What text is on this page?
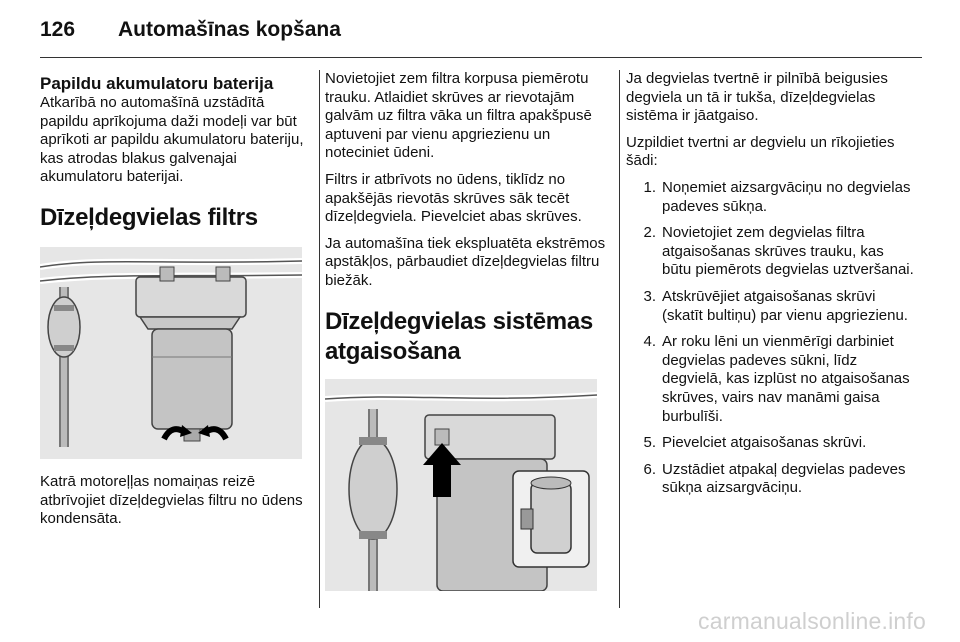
126	Automašīnas kopšana
Papildu akumulatoru baterija

Atkarībā no automašīnā uzstādītā papildu aprīkojuma daži modeļi var būt aprīkoti ar papildu akumulatoru bateriju, kas atrodas blakus galvenajai akumulatoru baterijai.

Dīzeļdegvielas filtrs

Katrā motoreļļas nomaiņas reizē atbrīvojiet dīzeļdegvielas filtru no ūdens kondensāta.

Novietojiet zem filtra korpusa piemērotu trauku. Atlaidiet skrūves ar rievotajām galvām uz filtra vāka un filtra apakšpusē aptuveni par vienu apgriezienu un noteciniet ūdeni.

Filtrs ir atbrīvots no ūdens, tiklīdz no apakšējās rievotās skrūves sāk tecēt dīzeļdegviela. Pievelciet abas skrūves.

Ja automašīna tiek ekspluatēta ekstrēmos apstākļos, pārbaudiet dīzeļdegvielas filtru biežāk.

Dīzeļdegvielas sistēmas atgaisošana

Ja degvielas tvertnē ir pilnībā beigusies degviela un tā ir tukša, dīzeļdegvielas sistēma ir jāatgaiso.

Uzpildiet tvertni ar degvielu un rīkojieties šādi:

1. Noņemiet aizsargvāciņu no degvielas padeves sūkņa.
2. Novietojiet zem degvielas filtra atgaisošanas skrūves trauku, kas būtu piemērots degvielas uztveršanai.
3. Atskrūvējiet atgaisošanas skrūvi (skatīt bultiņu) par vienu apgriezienu.
4. Ar roku lēni un vienmērīgi darbiniet degvielas padeves sūkni, līdz degvielā, kas izplūst no atgaisošanas skrūves, vairs nav manāmi gaisa burbulīši.
5. Pievelciet atgaisošanas skrūvi.
6. Uzstādiet atpakaļ degvielas padeves sūkņa aizsargvāciņu.
carmanualsonline.info
